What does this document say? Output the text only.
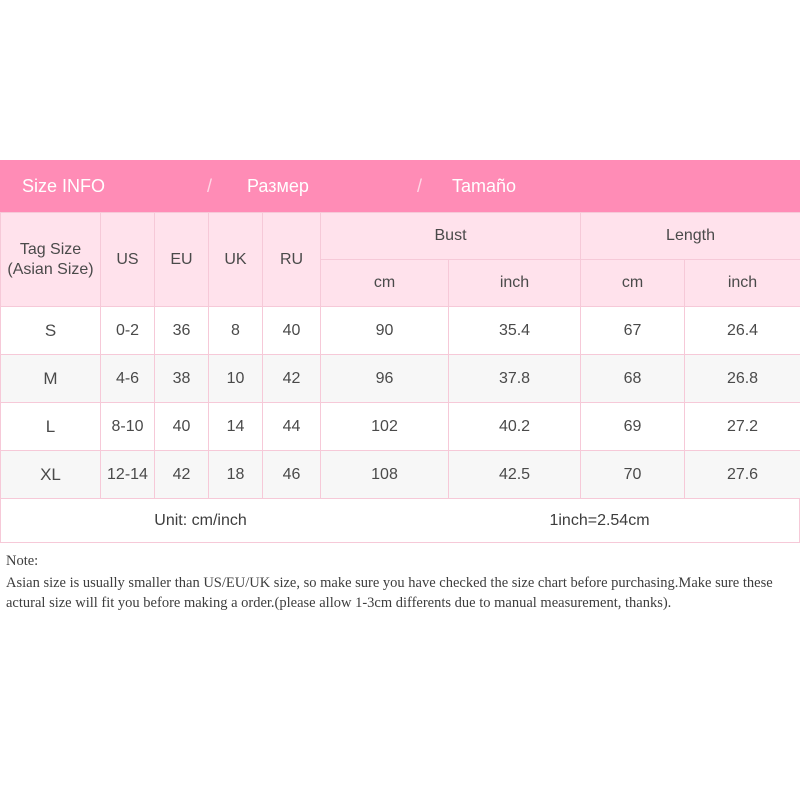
Size INFO	/	Размер	/	Tamaño
Tag Size
(Asian Size)	US	EU	UK	RU	Bust		Length	
					cm	inch	cm	inch
S	0-2	36	8	40	90	35.4	67	26.4
M	4-6	38	10	42	96	37.8	68	26.8
L	8-10	40	14	44	102	40.2	69	27.2
XL	12-14	42	18	46	108	42.5	70	27.6
Unit: cm/inch	1inch=2.54cm

Note:

Asian size is usually smaller than US/EU/UK size, so make sure you have checked the size chart before purchasing.Make sure these actural size will fit you before making a order.(please allow 1-3cm differents due to manual measurement, thanks).
